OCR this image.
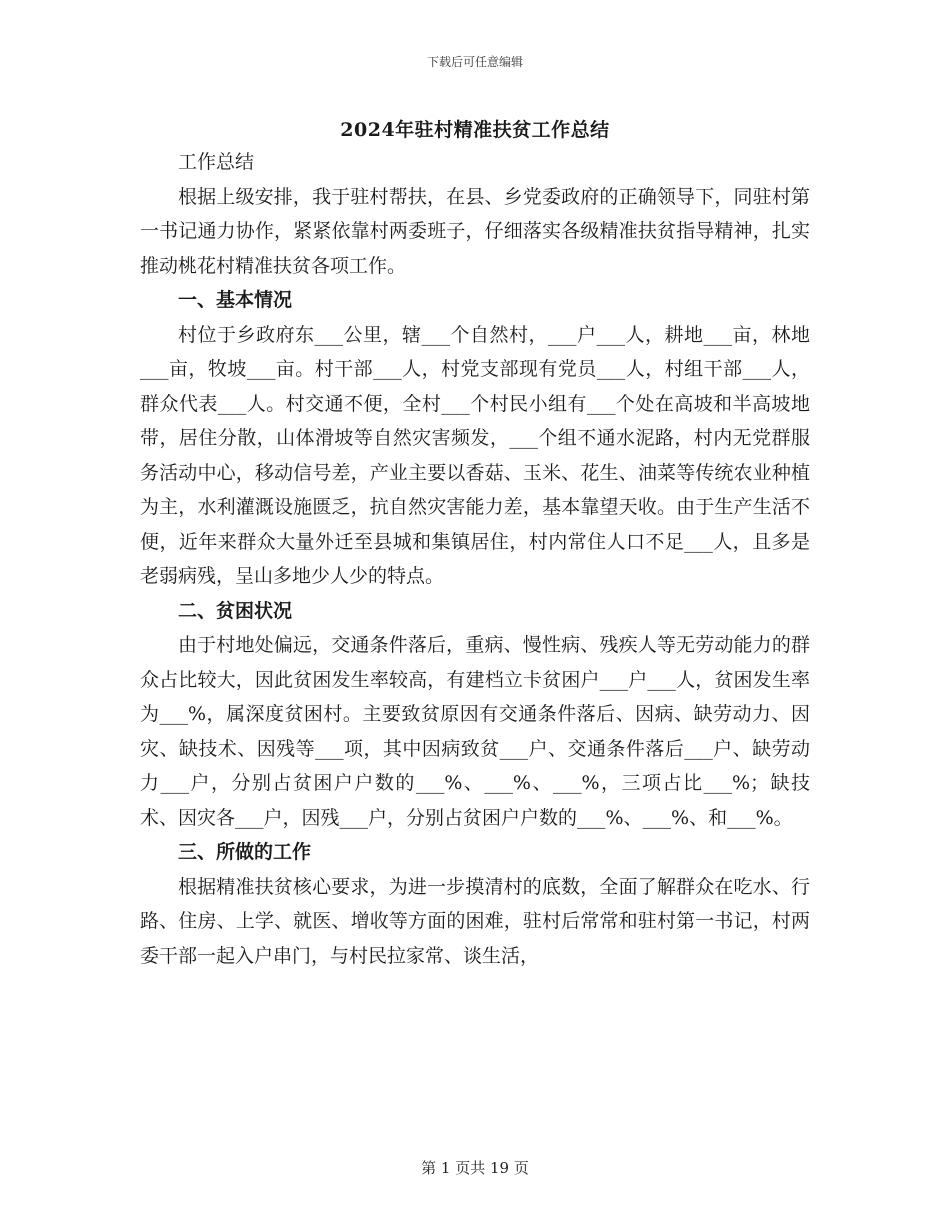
下载后可任意编辑
2024年驻村精准扶贫工作总结

工作总结

根据上级安排，我于驻村帮扶，在县、乡党委政府的正确领导下，同驻村第一书记通力协作，紧紧依靠村两委班子，仔细落实各级精准扶贫指导精神，扎实推动桃花村精准扶贫各项工作。

一、基本情况

村位于乡政府东___公里，辖___个自然村，___户___人，耕地___亩，林地___亩，牧坡___亩。村干部___人，村党支部现有党员___人，村组干部___人，群众代表___人。村交通不便，全村___个村民小组有___个处在高坡和半高坡地带，居住分散，山体滑坡等自然灾害频发，___个组不通水泥路，村内无党群服务活动中心，移动信号差，产业主要以香菇、玉米、花生、油菜等传统农业种植为主，水利灌溉设施匮乏，抗自然灾害能力差，基本靠望天收。由于生产生活不便，近年来群众大量外迁至县城和集镇居住，村内常住人口不足___人，且多是老弱病残，呈山多地少人少的特点。

二、贫困状况

由于村地处偏远，交通条件落后，重病、慢性病、残疾人等无劳动能力的群众占比较大，因此贫困发生率较高，有建档立卡贫困户___户___人，贫困发生率为___%，属深度贫困村。主要致贫原因有交通条件落后、因病、缺劳动力、因灾、缺技术、因残等___项，其中因病致贫___户、交通条件落后___户、缺劳动力___户，分别占贫困户户数的___%、___%、___%，三项占比___%；缺技术、因灾各___户，因残___户，分别占贫困户户数的___%、___%、和___%。

三、所做的工作

根据精准扶贫核心要求，为进一步摸清村的底数，全面了解群众在吃水、行路、住房、上学、就医、增收等方面的困难，驻村后常常和驻村第一书记，村两委干部一起入户串门，与村民拉家常、谈生活，

第 1 页共 19 页
